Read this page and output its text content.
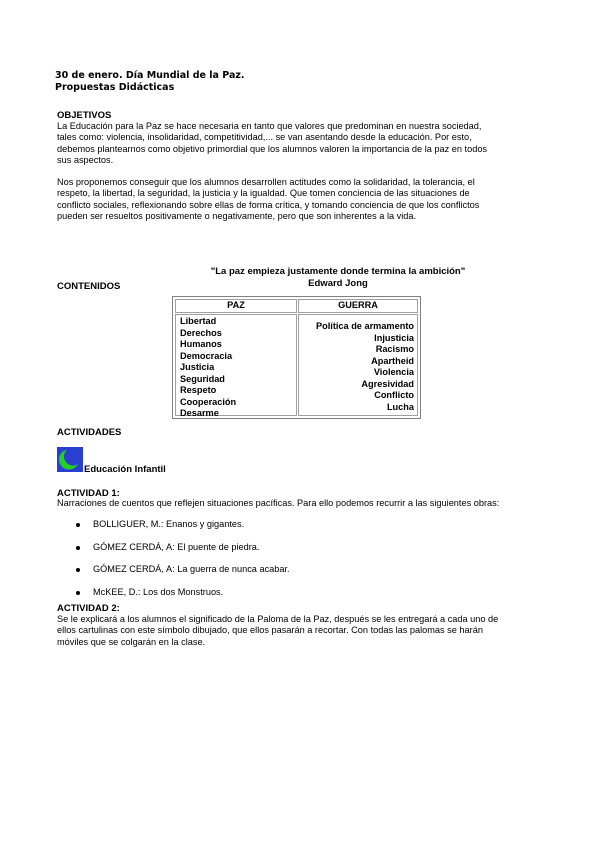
30 de enero. Día Mundial de la Paz.
Propuestas Didácticas
OBJETIVOS
La Educación para la Paz se hace necesaria en tanto que valores que predominan en nuestra sociedad,
tales como: violencia, insolidaridad, competitividad,... se van asentando desde la educación. Por esto,
debemos plantearnos como objetivo primordial que los alumnos valoren la importancia de la paz en todos
sus aspectos.
Nos proponemos conseguir que los alumnos desarrollen actitudes como la solidaridad, la tolerancia, el
respeto, la libertad, la seguridad, la justicia y la igualdad. Que tomen conciencia de las situaciones de
conflicto sociales, reflexionando sobre ellas de forma crítica, y tomando conciencia de que los conflictos
pueden ser resueltos positivamente o negativamente, pero que son inherentes a la vida.
"La paz empieza justamente donde termina la ambición"
Edward Jong
CONTENIDOS
PAZ	GUERRA
Libertad
Derechos
Humanos
Democracia
Justicia
Seguridad
Respeto
Cooperación
Desarme
Política de armamento
Injusticia
Racismo
Apartheid
Violencia
Agresividad
Conflicto
Lucha
ACTIVIDADES
Educación Infantil
ACTIVIDAD 1:
Narraciones de cuentos que reflejen situaciones pacíficas. Para ello podemos recurrir a las siguientes obras:
BOLLIGUER, M.: Enanos y gigantes.
GÓMEZ CERDÁ, A: El puente de piedra.
GÓMEZ CERDÁ, A: La guerra de nunca acabar.
McKEE, D.: Los dos Monstruos.
ACTIVIDAD 2:
Se le explicará a los alumnos el significado de la Paloma de la Paz, después se les entregará a cada uno de
ellos cartulinas con este símbolo dibujado, que ellos pasarán a recortar. Con todas las palomas se harán
móviles que se colgarán en la clase.
